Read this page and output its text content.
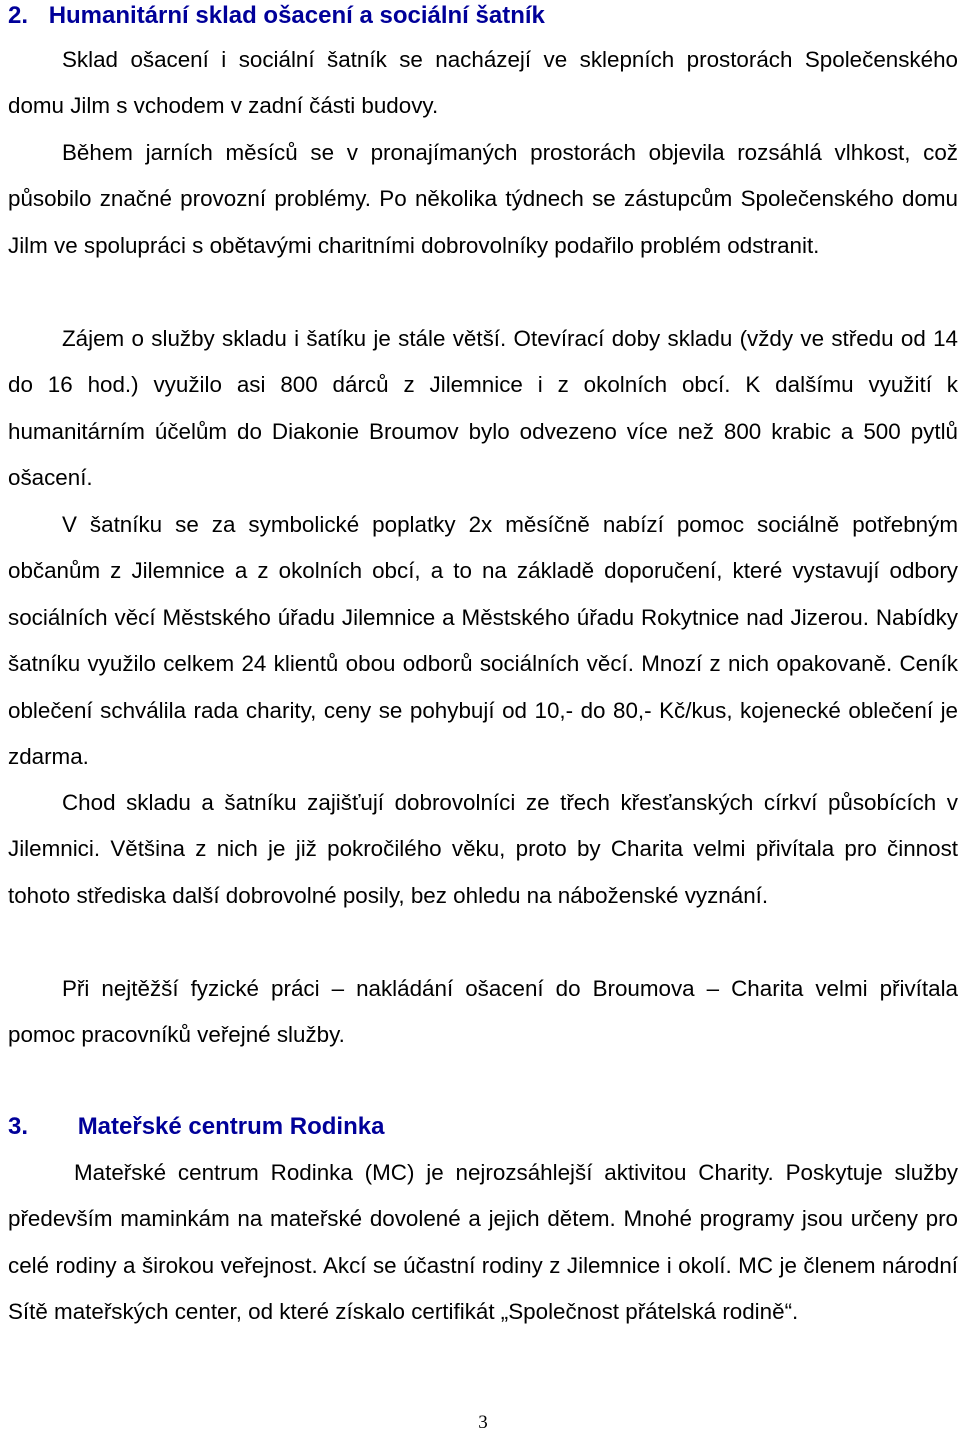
2. Humanitární sklad ošacení a sociální šatník

Sklad ošacení i sociální šatník se nacházejí ve sklepních prostorách Společenského domu Jilm s vchodem v zadní části budovy.

Během jarních měsíců se v pronajímaných prostorách objevila rozsáhlá vlhkost, což působilo značné provozní problémy. Po několika týdnech se zástupcům Společenského domu Jilm ve spolupráci s obětavými charitními dobrovolníky podařilo problém odstranit.

Zájem o služby skladu i šatíku je stále větší. Otevírací doby skladu (vždy ve středu od 14 do 16 hod.) využilo asi 800 dárců z Jilemnice i z okolních obcí. K dalšímu využití k humanitárním účelům do Diakonie Broumov bylo odvezeno více než 800 krabic a 500 pytlů ošacení.

V šatníku se za symbolické poplatky 2x měsíčně nabízí pomoc sociálně potřebným občanům z Jilemnice a z okolních obcí, a to na základě doporučení, které vystavují odbory sociálních věcí Městského úřadu Jilemnice a Městského úřadu Rokytnice nad Jizerou. Nabídky šatníku využilo celkem 24 klientů obou odborů sociálních věcí. Mnozí z nich opakovaně. Ceník oblečení schválila rada charity, ceny se pohybují od 10,- do 80,- Kč/kus, kojenecké oblečení je zdarma.

Chod skladu a šatníku zajišťují dobrovolníci ze třech křesťanských církví působících v Jilemnici. Většina z nich je již pokročilého věku, proto by Charita velmi přivítala pro činnost tohoto střediska další dobrovolné posily, bez ohledu na náboženské vyznání.

Při nejtěžší fyzické práci – nakládání ošacení do Broumova – Charita velmi přivítala pomoc pracovníků veřejné služby.

3. Mateřské centrum Rodinka

Mateřské centrum Rodinka (MC) je nejrozsáhlejší aktivitou Charity. Poskytuje služby především maminkám na mateřské dovolené a jejich dětem. Mnohé programy jsou určeny pro celé rodiny a širokou veřejnost. Akcí se účastní rodiny z Jilemnice i okolí. MC je členem národní Sítě mateřských center, od které získalo certifikát „Společnost přátelská rodině“.

3
